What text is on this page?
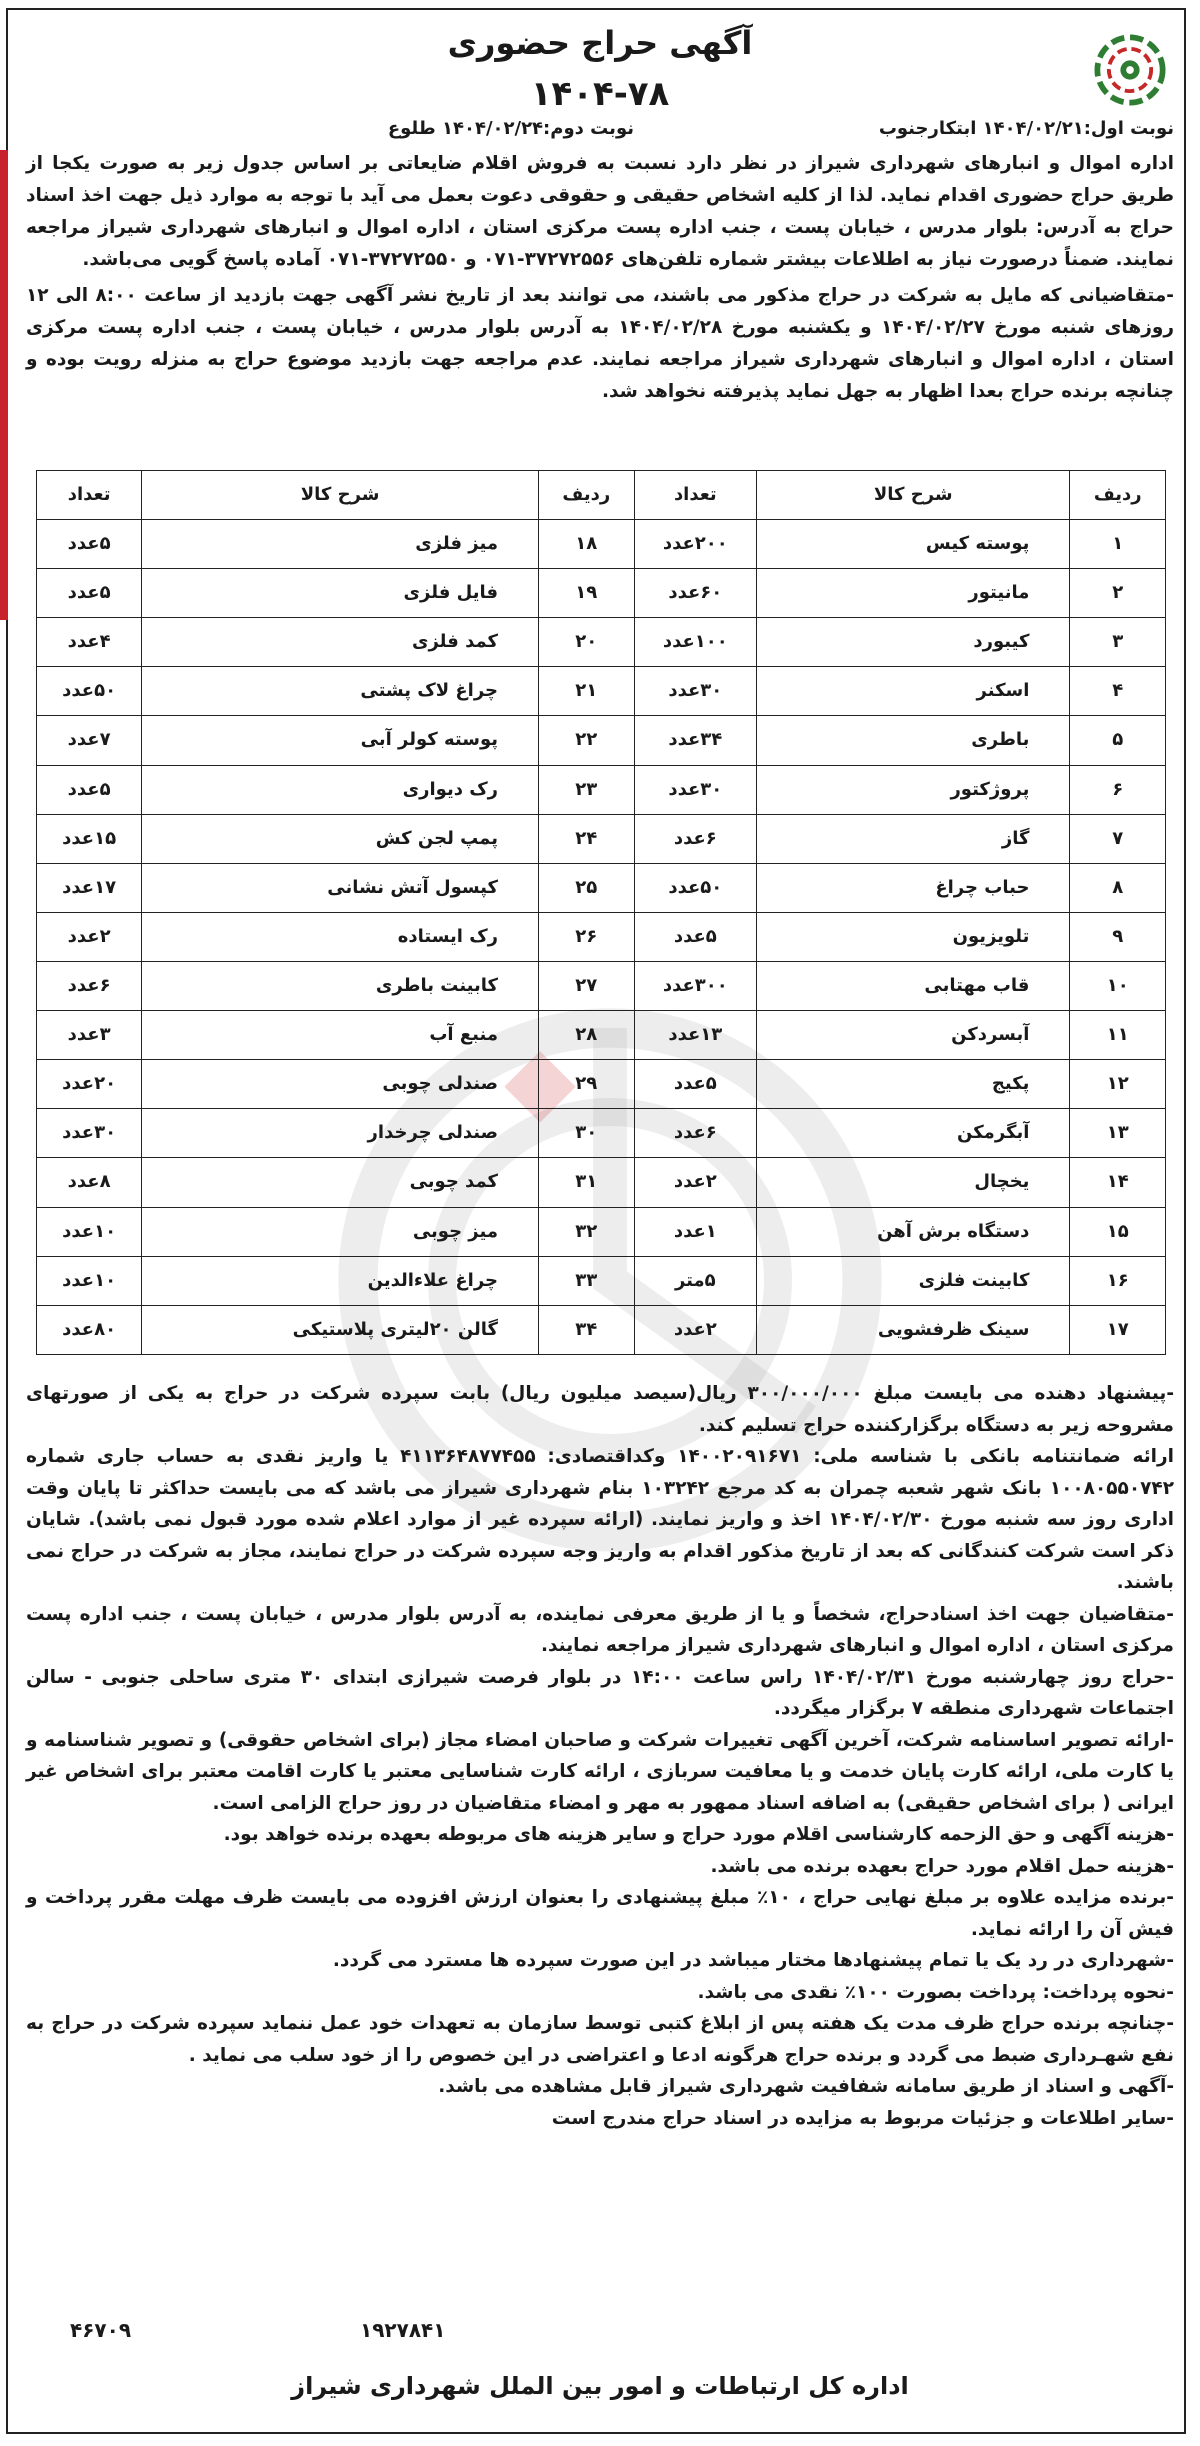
آگهی حراج حضوری
۱۴۰۴-۷۸
نوبت اول:۱۴۰۴/۰۲/۲۱ ابتکارجنوب
نوبت دوم:۱۴۰۴/۰۲/۲۴ طلوع
اداره اموال و انبارهای شهرداری شیراز در نظر دارد نسبت به فروش اقلام ضایعاتی بر اساس جدول زیر به صورت یکجا از طریق حراج حضوری اقدام نماید. لذا از کلیه اشخاص حقیقی و حقوقی دعوت بعمل می آید با توجه به موارد ذیل جهت اخذ اسناد حراج به آدرس: بلوار مدرس ، خیابان پست ، جنب اداره پست مرکزی استان ، اداره اموال و انبارهای شهرداری شیراز مراجعه نمایند. ضمناً درصورت نیاز به اطلاعات بیشتر شماره تلفن‌های ۳۷۲۷۲۵۵۶-۰۷۱ و ۳۷۲۷۲۵۵۰-۰۷۱ آماده پاسخ گویی می‌باشد.
-متقاضیانی که مایل به شرکت در حراج مذکور می باشند، می توانند بعد از تاریخ نشر آگهی جهت بازدید از ساعت ۸:۰۰ الی ۱۲ روزهای شنبه مورخ ۱۴۰۴/۰۲/۲۷ و یکشنبه مورخ ۱۴۰۴/۰۲/۲۸ به آدرس بلوار مدرس ، خیابان پست ، جنب اداره پست مرکزی استان ، اداره اموال و انبارهای شهرداری شیراز مراجعه نمایند. عدم مراجعه جهت بازدید موضوع حراج به منزله رویت بوده و چنانچه برنده حراج بعدا اظهار به جهل نماید پذیرفته نخواهد شد.
ردیف	شرح کالا	تعداد	ردیف	شرح کالا	تعداد
۱	پوسته کیس	۲۰۰عدد	۱۸	میز فلزی	۵عدد
۲	مانیتور	۶۰عدد	۱۹	فایل فلزی	۵عدد
۳	کیبورد	۱۰۰عدد	۲۰	کمد فلزی	۴عدد
۴	اسکنر	۳۰عدد	۲۱	چراغ لاک پشتی	۵۰عدد
۵	باطری	۳۴عدد	۲۲	پوسته کولر آبی	۷عدد
۶	پروژکتور	۳۰عدد	۲۳	رک دیواری	۵عدد
۷	گاز	۶عدد	۲۴	پمپ لجن کش	۱۵عدد
۸	حباب چراغ	۵۰عدد	۲۵	کپسول آتش نشانی	۱۷عدد
۹	تلویزیون	۵عدد	۲۶	رک ایستاده	۲عدد
۱۰	قاب مهتابی	۳۰۰عدد	۲۷	کابینت باطری	۶عدد
۱۱	آبسردکن	۱۳عدد	۲۸	منبع آب	۳عدد
۱۲	پکیج	۵عدد	۲۹	صندلی چوبی	۲۰عدد
۱۳	آبگرمکن	۶عدد	۳۰	صندلی چرخدار	۳۰عدد
۱۴	یخچال	۲عدد	۳۱	کمد چوبی	۸عدد
۱۵	دستگاه برش آهن	۱عدد	۳۲	میز چوبی	۱۰عدد
۱۶	کابینت فلزی	۵متر	۳۳	چراغ علاءالدین	۱۰عدد
۱۷	سینک ظرفشویی	۲عدد	۳۴	گالن ۲۰لیتری پلاستیکی	۸۰عدد
-پیشنهاد دهنده می بایست مبلغ ۳۰۰/۰۰۰/۰۰۰ ریال(سیصد میلیون ریال) بابت سپرده شرکت در حراج به یکی از صورتهای مشروحه زیر به دستگاه برگزارکننده حراج تسلیم کند.
ارائه ضمانتنامه بانکی با شناسه ملی: ۱۴۰۰۲۰۹۱۶۷۱ وکداقتصادی: ۴۱۱۳۶۴۸۷۷۴۵۵ یا واریز نقدی به حساب جاری شماره ۱۰۰۸۰۵۵۰۷۴۲ بانک شهر شعبه چمران به کد مرجع ۱۰۳۲۴۲ بنام شهرداری شیراز می باشد که می بایست حداکثر تا پایان وقت اداری روز سه شنبه مورخ ۱۴۰۴/۰۲/۳۰ اخذ و واریز نمایند. (ارائه سپرده غیر از موارد اعلام شده مورد قبول نمی باشد). شایان ذکر است شرکت کنندگانی که بعد از تاریخ مذکور اقدام به واریز وجه سپرده شرکت در حراج نمایند، مجاز به شرکت در حراج نمی باشند.
-متقاضیان جهت اخذ اسنادحراج، شخصاً و یا از طریق معرفی نماینده، به آدرس بلوار مدرس ، خیابان پست ، جنب اداره پست مرکزی استان ، اداره اموال و انبارهای شهرداری شیراز مراجعه نمایند.
-حراج روز چهارشنبه مورخ ۱۴۰۴/۰۲/۳۱ راس ساعت ۱۴:۰۰ در بلوار فرصت شیرازی ابتدای ۳۰ متری ساحلی جنوبی - سالن اجتماعات شهرداری منطقه ۷ برگزار میگردد.
-ارائه تصویر اساسنامه شرکت، آخرین آگهی تغییرات شرکت و صاحبان امضاء مجاز (برای اشخاص حقوقی) و تصویر شناسنامه و یا کارت ملی، ارائه کارت پایان خدمت و یا معافیت سربازی ، ارائه کارت شناسایی معتبر یا کارت اقامت معتبر برای اشخاص غیر ایرانی ( برای اشخاص حقیقی) به اضافه اسناد ممهور به مهر و امضاء متقاضیان در روز حراج الزامی است.
-هزینه آگهی و حق الزحمه کارشناسی اقلام مورد حراج و سایر هزینه های مربوطه بعهده برنده خواهد بود.
-هزینه حمل اقلام مورد حراج بعهده برنده می باشد.
-برنده مزایده علاوه بر مبلغ نهایی حراج ، ۱۰٪ مبلغ پیشنهادی را بعنوان ارزش افزوده می بایست ظرف مهلت مقرر پرداخت و فیش آن را ارائه نماید.
-شهرداری در رد یک یا تمام پیشنهادها مختار میباشد در این صورت سپرده ها مسترد می گردد.
-نحوه پرداخت: پرداخت بصورت ۱۰۰٪ نقدی می باشد.
-چنانچه برنده حراج ظرف مدت یک هفته پس از ابلاغ کتبی توسط سازمان به تعهدات خود عمل ننماید سپرده شرکت در حراج به نفع شهـرداری ضبط می گردد و برنده حراج هرگونه ادعا و اعتراضی در این خصوص را از خود سلب می نماید .
-آگهی و اسناد از طریق سامانه شفافیت شهرداری شیراز قابل مشاهده می باشد.
-سایر اطلاعات و جزئیات مربوط به مزایده در اسناد حراج مندرج است
۴۶۷۰۹	۱۹۲۷۸۴۱
اداره کل ارتباطات و امور بین الملل شهرداری شیراز
